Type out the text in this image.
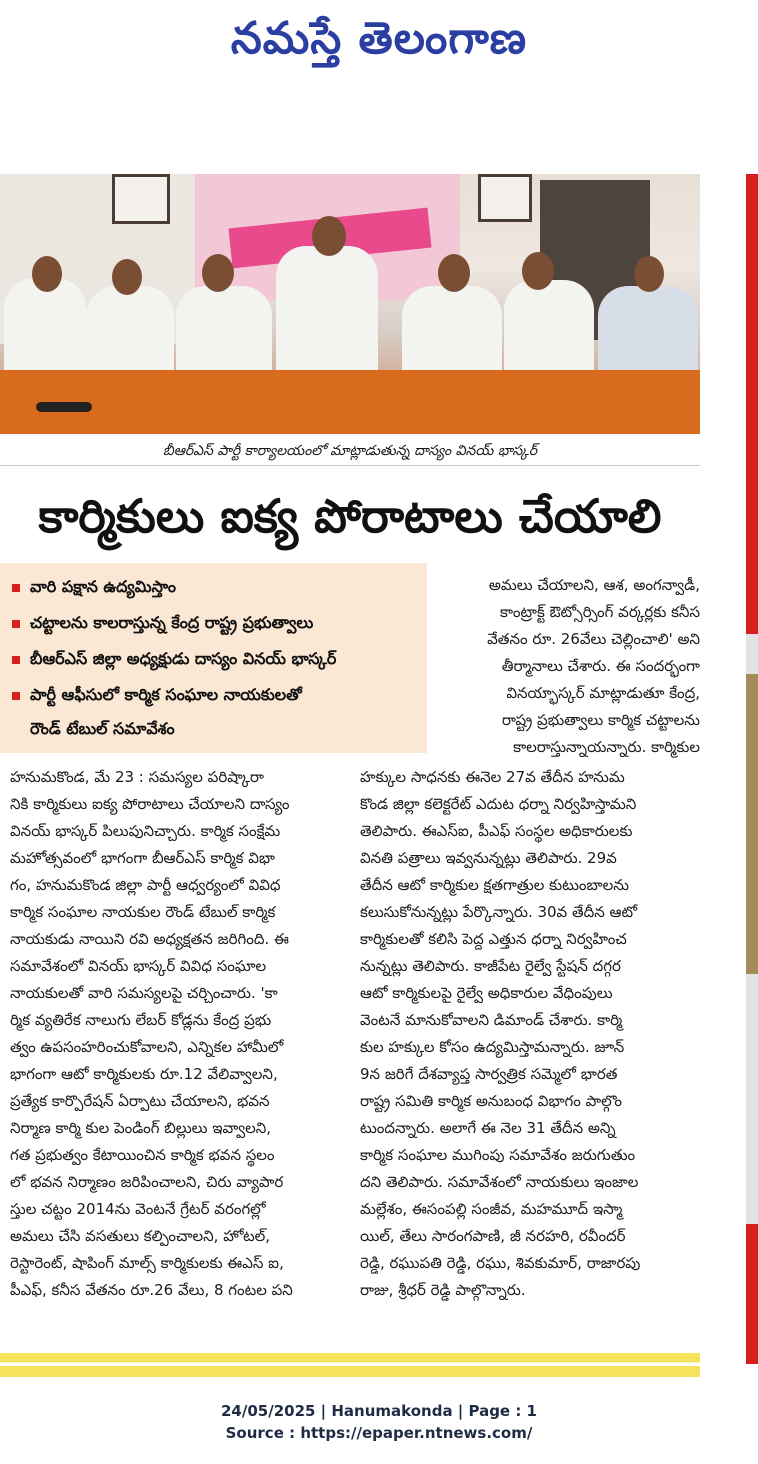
నమస్తే తెలంగాణ
బీఆర్ఎస్ పార్టీ కార్యాలయంలో మాట్లాడుతున్న దాస్యం వినయ్ భాస్కర్
కార్మికులు ఐక్య పోరాటాలు చేయాలి
వారి పక్షాన ఉద్యమిస్తాం
చట్టాలను కాలరాస్తున్న కేంద్ర రాష్ట్ర ప్రభుత్వాలు
బీఆర్ఎస్ జిల్లా అధ్యక్షుడు దాస్యం వినయ్ భాస్కర్
పార్టీ ఆఫీసులో కార్మిక సంఘాల నాయకులతో
రౌండ్ టేబుల్ సమావేశం
అమలు చేయాలని, ఆశ, అంగన్వాడీ,
కాంట్రాక్ట్ ఔట్సోర్సింగ్ వర్కర్లకు కనీస
వేతనం రూ. 26వేలు చెల్లించాలి' అని
తీర్మానాలు చేశారు. ఈ సందర్భంగా
వినయ్భాస్కర్ మాట్లాడుతూ కేంద్ర,
రాష్ట్ర ప్రభుత్వాలు కార్మిక చట్టాలను
కాలరాస్తున్నాయన్నారు. కార్మికుల
హనుమకొండ, మే 23 : సమస్యల పరిష్కారా
నికి కార్మికులు ఐక్య పోరాటాలు చేయాలని దాస్యం
వినయ్ భాస్కర్ పిలుపునిచ్చారు. కార్మిక సంక్షేమ
మహోత్సవంలో భాగంగా బీఆర్ఎస్ కార్మిక విభా
గం, హనుమకొండ జిల్లా పార్టీ ఆధ్వర్యంలో వివిధ
కార్మిక సంఘాల నాయకుల రౌండ్ టేబుల్ కార్మిక
నాయకుడు నాయిని రవి అధ్యక్షతన జరిగింది. ఈ
సమావేశంలో వినయ్ భాస్కర్ వివిధ సంఘాల
నాయకులతో వారి సమస్యలపై చర్చించారు. 'కా
ర్మిక వ్యతిరేక నాలుగు లేబర్ కోడ్లను కేంద్ర ప్రభు
త్వం ఉపసంహరించుకోవాలని, ఎన్నికల హామీలో
భాగంగా ఆటో కార్మికులకు రూ.12 వేలివ్వాలని,
ప్రత్యేక కార్పొరేషన్ ఏర్పాటు చేయాలని, భవన
నిర్మాణ కార్మి కుల పెండింగ్ బిల్లులు ఇవ్వాలని,
గత ప్రభుత్వం కేటాయించిన కార్మిక భవన స్థలం
లో భవన నిర్మాణం జరిపించాలని, చిరు వ్యాపార
స్తుల చట్టం 2014ను వెంటనే గ్రేటర్ వరంగల్లో
అమలు చేసి వసతులు కల్పించాలని, హోటల్,
రెస్టారెంట్, షాపింగ్ మాల్స్ కార్మికులకు ఈఎస్ ఐ,
పీఎఫ్, కనీస వేతనం రూ.26 వేలు, 8 గంటల పని
హక్కుల సాధనకు ఈనెల 27వ తేదీన హనుమ
కొండ జిల్లా కలెక్టరేట్ ఎదుట ధర్నా నిర్వహిస్తామని
తెలిపారు. ఈఎస్ఐ, పీఎఫ్ సంస్థల అధికారులకు
వినతి పత్రాలు ఇవ్వనున్నట్లు తెలిపారు. 29వ
తేదీన ఆటో కార్మికుల క్షతగాత్రుల కుటుంబాలను
కలుసుకోనున్నట్లు పేర్కొన్నారు. 30వ తేదీన ఆటో
కార్మికులతో కలిసి పెద్ద ఎత్తున ధర్నా నిర్వహించ
నున్నట్లు తెలిపారు. కాజీపేట రైల్వే స్టేషన్ దగ్గర
ఆటో కార్మికులపై రైల్వే అధికారుల వేధింపులు
వెంటనే మానుకోవాలని డిమాండ్ చేశారు. కార్మి
కుల హక్కుల కోసం ఉద్యమిస్తామన్నారు. జూన్
9న జరిగే దేశవ్యాప్త సార్వత్రిక సమ్మెలో భారత
రాష్ట్ర సమితి కార్మిక అనుబంధ విభాగం పాల్గొం
టుందన్నారు. అలాగే ఈ నెల 31 తేదీన అన్ని
కార్మిక సంఘాల ముగింపు సమావేశం జరుగుతుం
దని తెలిపారు. సమావేశంలో నాయకులు ఇంజాల
మల్లేశం, ఈసంపల్లి సంజీవ, మహమూద్ ఇస్మా
యిల్, తేలు సారంగపాణి, జీ నరహరి, రవీందర్
రెడ్డి, రఘుపతి రెడ్డి, రఘు, శివకుమార్, రాజారపు
రాజు, శ్రీధర్ రెడ్డి పాల్గొన్నారు.
24/05/2025 | Hanumakonda | Page : 1
Source : https://epaper.ntnews.com/
